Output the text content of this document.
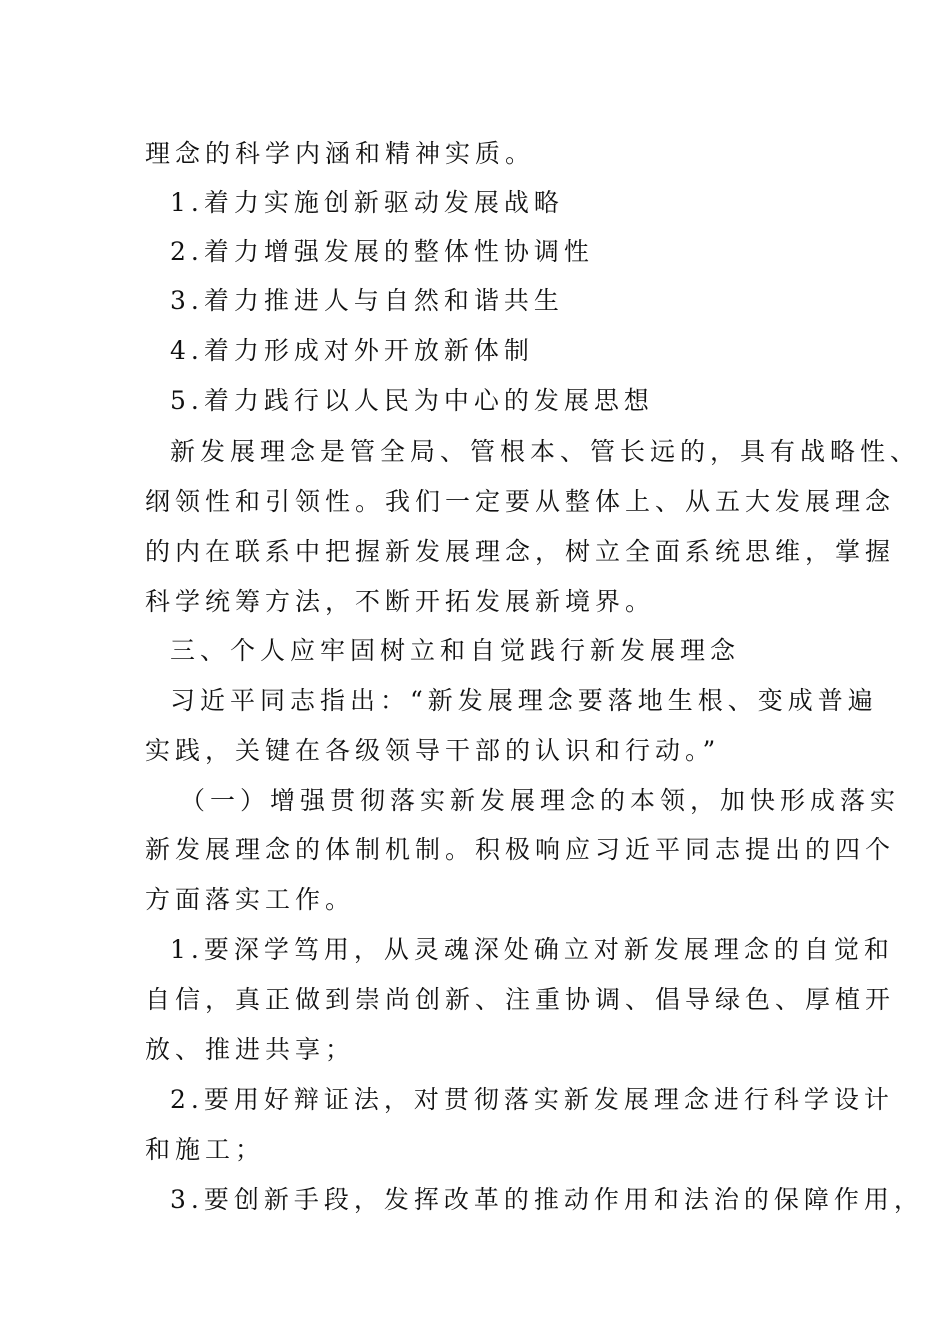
理念的科学内涵和精神实质。
1.着力实施创新驱动发展战略
2.着力增强发展的整体性协调性
3.着力推进人与自然和谐共生
4.着力形成对外开放新体制
5.着力践行以人民为中心的发展思想
新发展理念是管全局、管根本、管长远的，具有战略性、
纲领性和引领性。我们一定要从整体上、从五大发展理念
的内在联系中把握新发展理念，树立全面系统思维，掌握
科学统筹方法，不断开拓发展新境界。
三、个人应牢固树立和自觉践行新发展理念
习近平同志指出：“新发展理念要落地生根、变成普遍
实践，关键在各级领导干部的认识和行动。”
（一）增强贯彻落实新发展理念的本领，加快形成落实
新发展理念的体制机制。积极响应习近平同志提出的四个
方面落实工作。
1.要深学笃用，从灵魂深处确立对新发展理念的自觉和
自信，真正做到崇尚创新、注重协调、倡导绿色、厚植开
放、推进共享；
2.要用好辩证法，对贯彻落实新发展理念进行科学设计
和施工；
3.要创新手段，发挥改革的推动作用和法治的保障作用，
